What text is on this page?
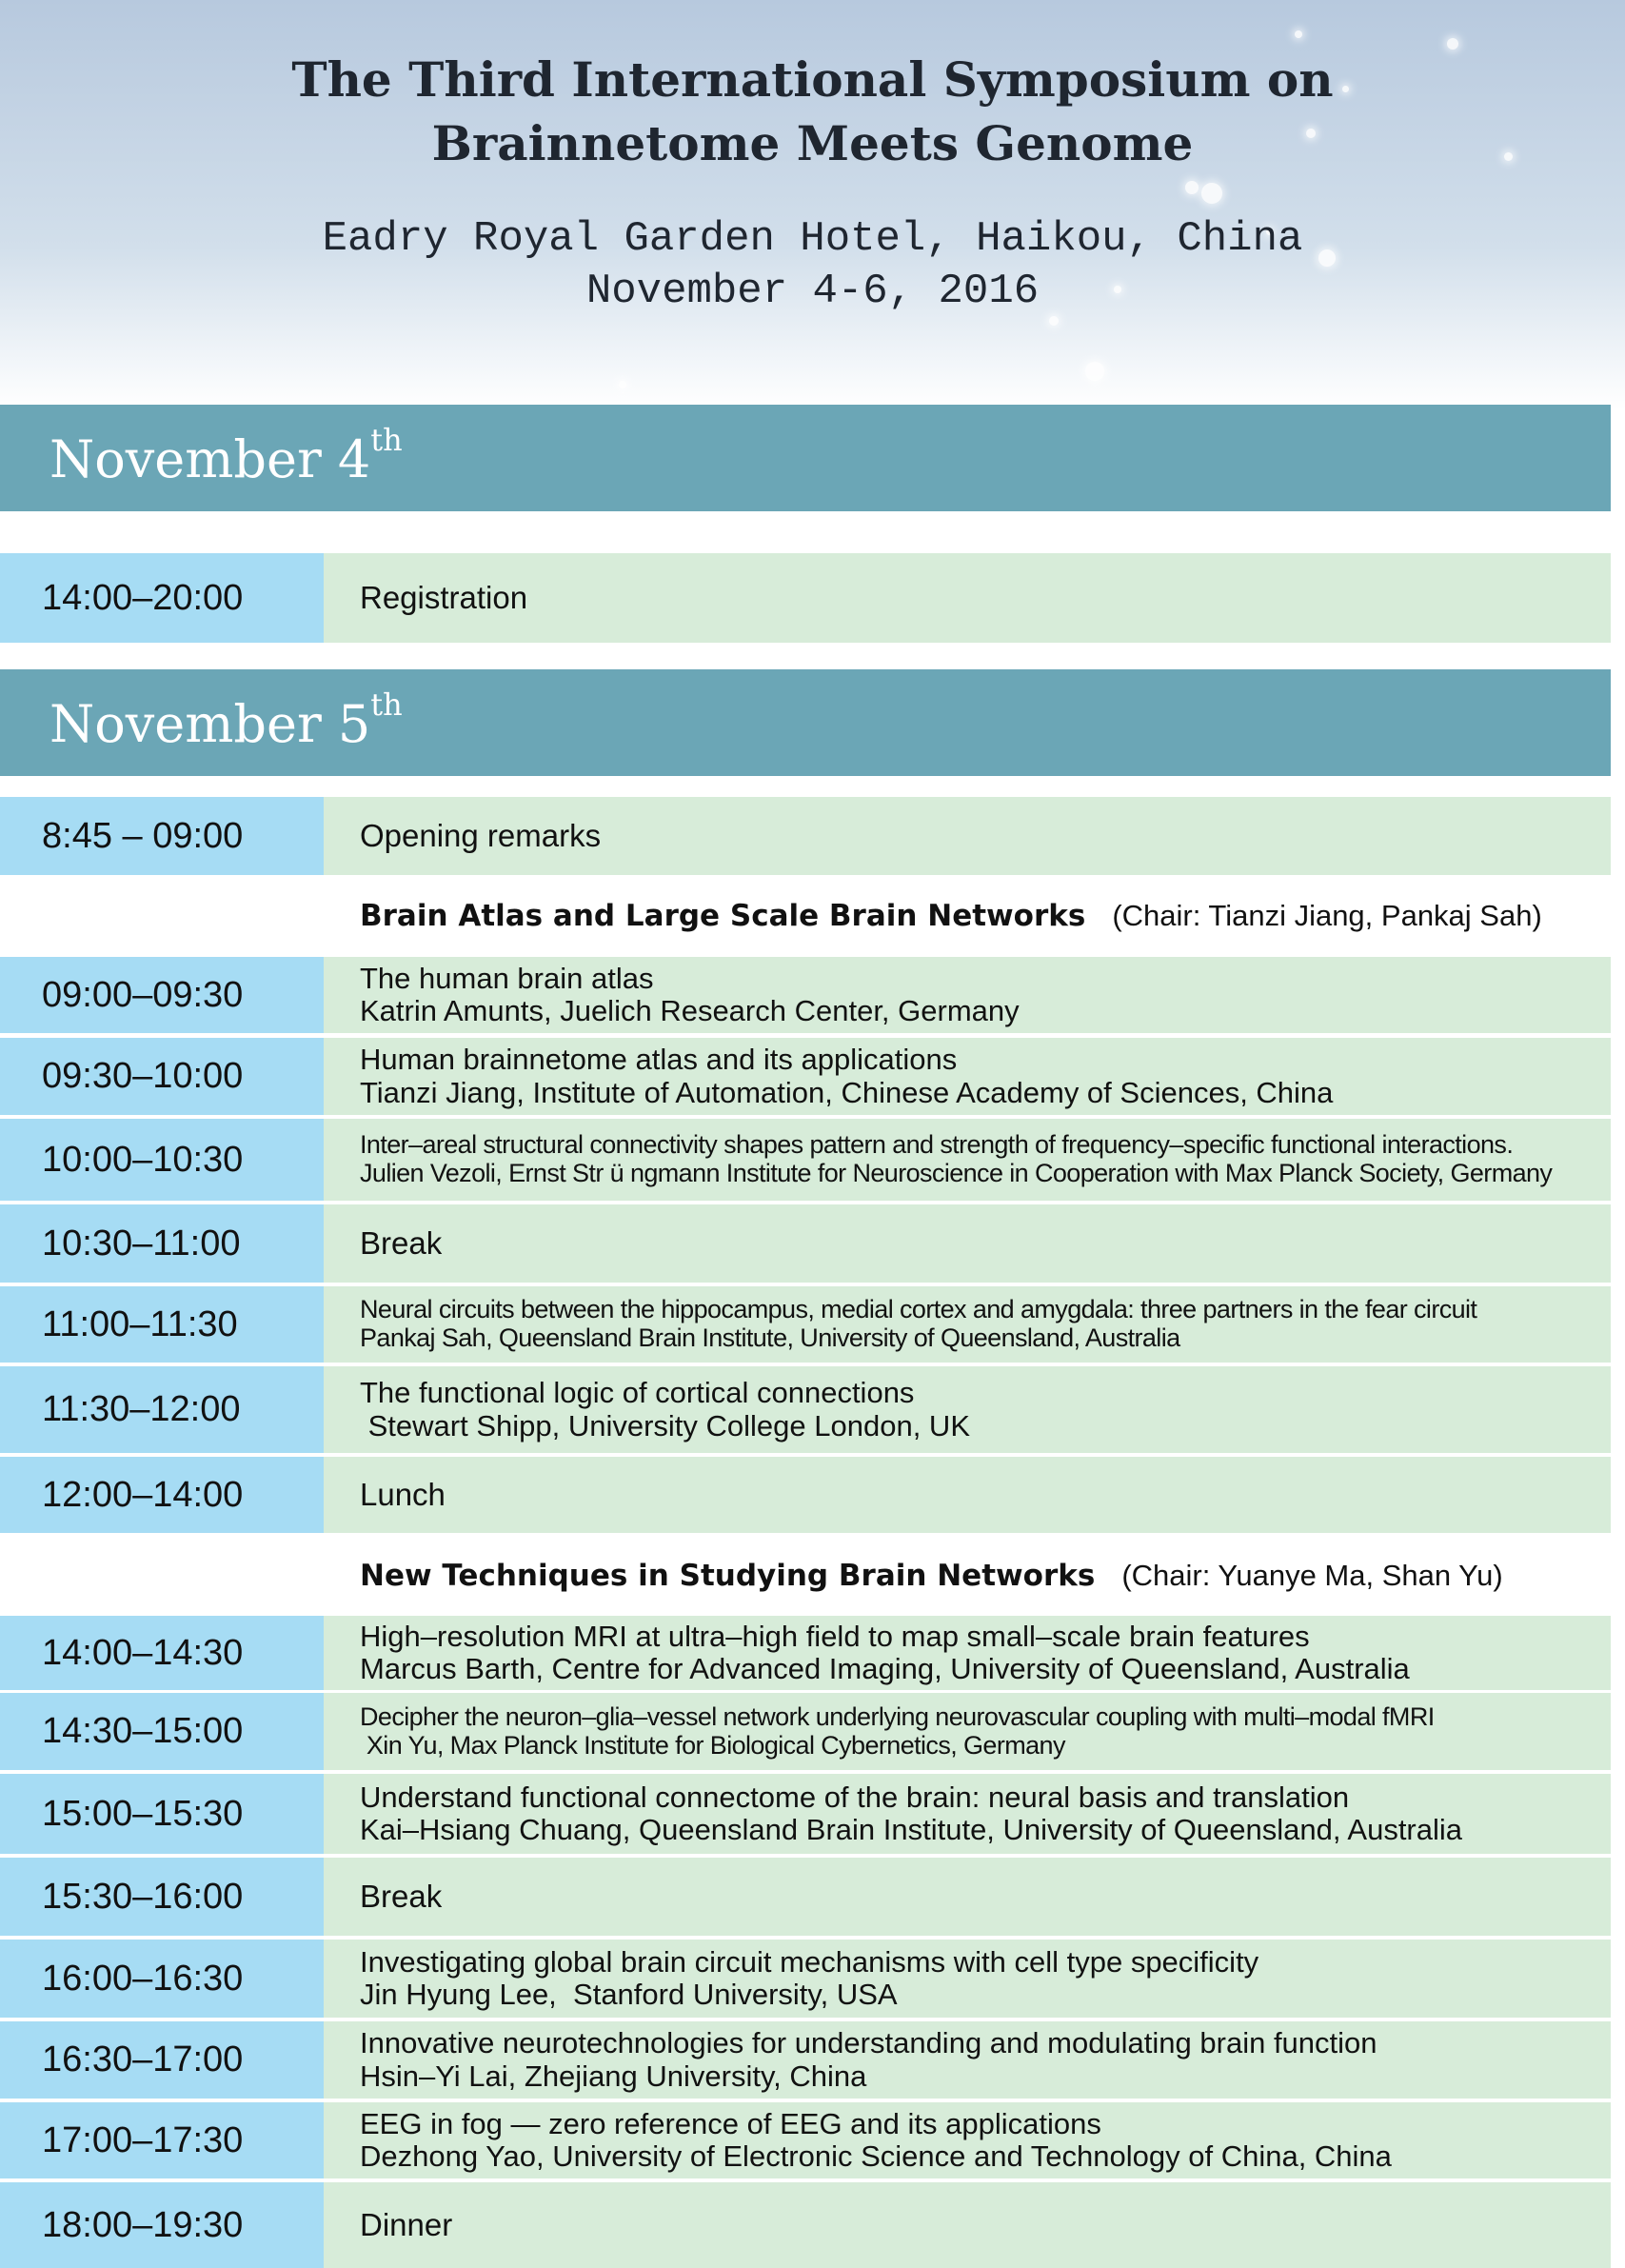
The Third International Symposium on
Brainnetome Meets Genome
Eadry Royal Garden Hotel, Haikou, China
November 4-6, 2016
November 4th
14:00–20:00	Registration
November 5th
8:45 – 09:00	Opening remarks
Brain Atlas and Large Scale Brain Networks (Chair: Tianzi Jiang, Pankaj Sah)
09:00–09:30	The human brain atlas
Katrin Amunts, Juelich Research Center, Germany
09:30–10:00	Human brainnetome atlas and its applications
Tianzi Jiang, Institute of Automation, Chinese Academy of Sciences, China
10:00–10:30	Inter–areal structural connectivity shapes pattern and strength of frequency–specific functional interactions.
Julien Vezoli, Ernst Str ü ngmann Institute for Neuroscience in Cooperation with Max Planck Society, Germany
10:30–11:00	Break
11:00–11:30	Neural circuits between the hippocampus, medial cortex and amygdala: three partners in the fear circuit
Pankaj Sah, Queensland Brain Institute, University of Queensland, Australia
11:30–12:00	The functional logic of cortical connections
Stewart Shipp, University College London, UK
12:00–14:00	Lunch
New Techniques in Studying Brain Networks (Chair: Yuanye Ma, Shan Yu)
14:00–14:30	High–resolution MRI at ultra–high field to map small–scale brain features
Marcus Barth, Centre for Advanced Imaging, University of Queensland, Australia
14:30–15:00	Decipher the neuron–glia–vessel network underlying neurovascular coupling with multi–modal fMRI
Xin Yu, Max Planck Institute for Biological Cybernetics, Germany
15:00–15:30	Understand functional connectome of the brain: neural basis and translation
Kai–Hsiang Chuang, Queensland Brain Institute, University of Queensland, Australia
15:30–16:00	Break
16:00–16:30	Investigating global brain circuit mechanisms with cell type specificity
Jin Hyung Lee,  Stanford University, USA
16:30–17:00	Innovative neurotechnologies for understanding and modulating brain function
Hsin–Yi Lai, Zhejiang University, China
17:00–17:30	EEG in fog — zero reference of EEG and its applications
Dezhong Yao, University of Electronic Science and Technology of China, China
18:00–19:30	Dinner
